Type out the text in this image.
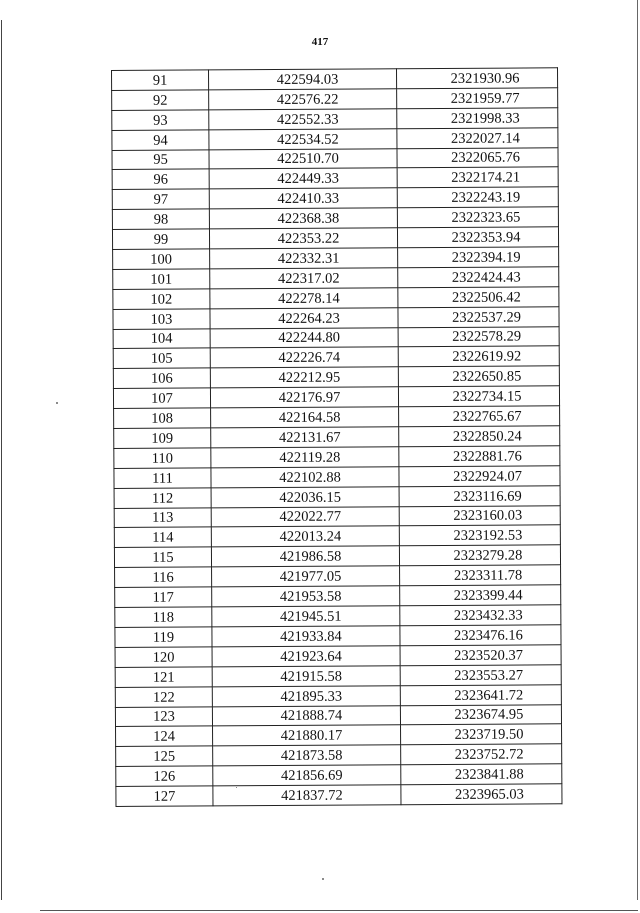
417
91	422594.03	2321930.96
92	422576.22	2321959.77
93	422552.33	2321998.33
94	422534.52	2322027.14
95	422510.70	2322065.76
96	422449.33	2322174.21
97	422410.33	2322243.19
98	422368.38	2322323.65
99	422353.22	2322353.94
100	422332.31	2322394.19
101	422317.02	2322424.43
102	422278.14	2322506.42
103	422264.23	2322537.29
104	422244.80	2322578.29
105	422226.74	2322619.92
106	422212.95	2322650.85
107	422176.97	2322734.15
108	422164.58	2322765.67
109	422131.67	2322850.24
110	422119.28	2322881.76
111	422102.88	2322924.07
112	422036.15	2323116.69
113	422022.77	2323160.03
114	422013.24	2323192.53
115	421986.58	2323279.28
116	421977.05	2323311.78
117	421953.58	2323399.44
118	421945.51	2323432.33
119	421933.84	2323476.16
120	421923.64	2323520.37
121	421915.58	2323553.27
122	421895.33	2323641.72
123	421888.74	2323674.95
124	421880.17	2323719.50
125	421873.58	2323752.72
126	421856.69	2323841.88
127	421837.72	2323965.03
